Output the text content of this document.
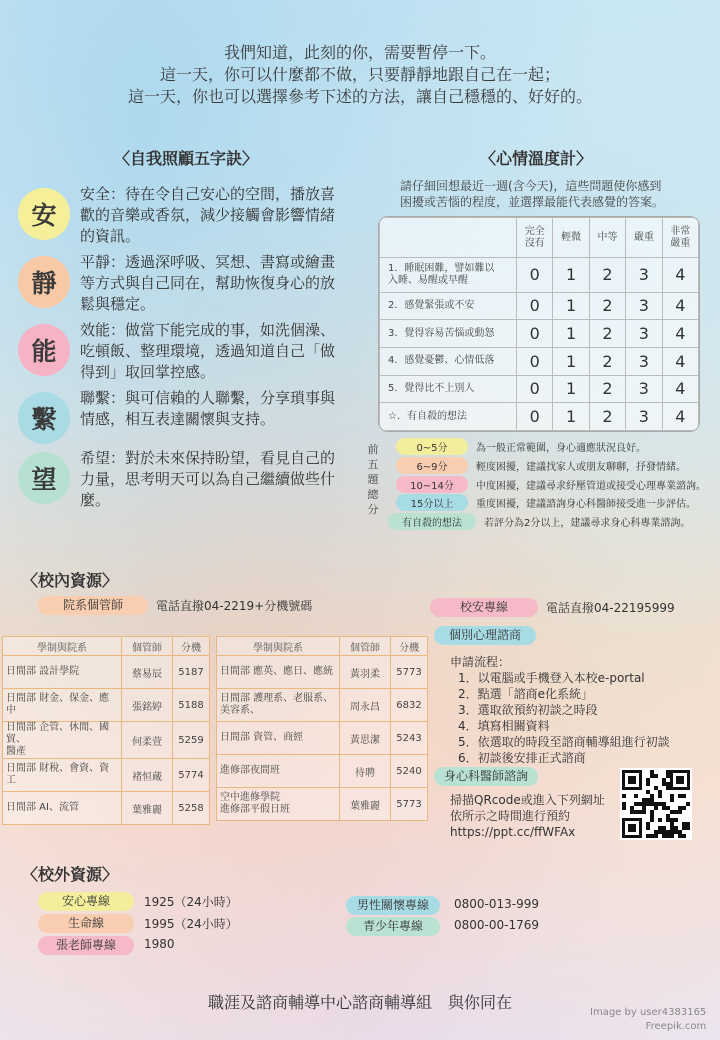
我們知道，此刻的你，需要暫停一下。
這一天，你可以什麼都不做，只要靜靜地跟自己在一起；
這一天，你也可以選擇參考下述的方法，讓自己穩穩的、好好的。
〈自我照顧五字訣〉
安
安全：待在令自己安心的空間，播放喜歡的音樂或香氛，減少接觸會影響情緒的資訊。
靜
平靜：透過深呼吸、冥想、書寫或繪畫等方式與自己同在，幫助恢復身心的放鬆與穩定。
能
效能：做當下能完成的事，如洗個澡、吃頓飯、整理環境，透過知道自己「做得到」取回掌控感。
繫
聯繫：與可信賴的人聯繫，分享瑣事與情感，相互表達關懷與支持。
望
希望：對於未來保持盼望，看見自己的力量，思考明天可以為自己繼續做些什麼。
〈心情溫度計〉
請仔細回想最近一週(含今天)，這些問題使你感到
困擾或苦惱的程度，並選擇最能代表感覺的答案。
	完全
沒有	輕微	中等	嚴重	非常
嚴重
1．睡眠困難，譬如難以
入睡、易醒或早醒	0	1	2	3	4
2．感覺緊張或不安	0	1	2	3	4
3．覺得容易苦惱或動怒	0	1	2	3	4
4．感覺憂鬱、心情低落	0	1	2	3	4
5．覺得比不上別人	0	1	2	3	4
☆．有自殺的想法	0	1	2	3	4
前五題總分
0~5分	為一般正常範圍，身心適應狀況良好。
6~9分	輕度困擾，建議找家人或朋友聊聊，抒發情緒。
10~14分	中度困擾，建議尋求紓壓管道或接受心理專業諮詢。
15分以上	重度困擾，建議諮詢身心科醫師接受進一步評估。
有自殺的想法	若評分為2分以上，建議尋求身心科專業諮詢。
〈校內資源〉
院系個管師	電話直撥04-2219+分機號碼	校安專線	電話直撥04-22195999
學制與院系	個管師	分機
日間部 設計學院	蔡易辰	5187
日間部 財金、保金、應中	張銘婷	5188
日間部 企管、休閒、國貿、
醫產	何柔萱	5259
日間部 財稅、會資、資工	褚恒蔵	5774
日間部 AI、流管	葉雅麗	5258
學制與院系	個管師	分機
日間部 應英、應日、應統	黃羽柔	5773
日間部 護理系、老服系、
美容系、	周永昌	6832
日間部 資管、商經	黃思潔	5243
進修部夜間班	待聘	5240
空中進修學院
進修部平假日班	葉雅麗	5773
個別心理諮商
申請流程：
1．以電腦或手機登入本校e-portal
2．點選「諮商e化系統」
3．選取欲預約初談之時段
4．填寫相關資料
5．依選取的時段至諮商輔導組進行初談
6．初談後安排正式諮商
身心科醫師諮詢
掃描QRcode或進入下列網址
依所示之時間進行預約
https://ppt.cc/ffWFAx
〈校外資源〉
安心專線	1925（24小時）
生命線	1995（24小時）
張老師專線	1980
男性關懷專線	0800-013-999
青少年專線	0800-00-1769
職涯及諮商輔導中心諮商輔導組　與你同在
Image by user4383165
Freepik.com
